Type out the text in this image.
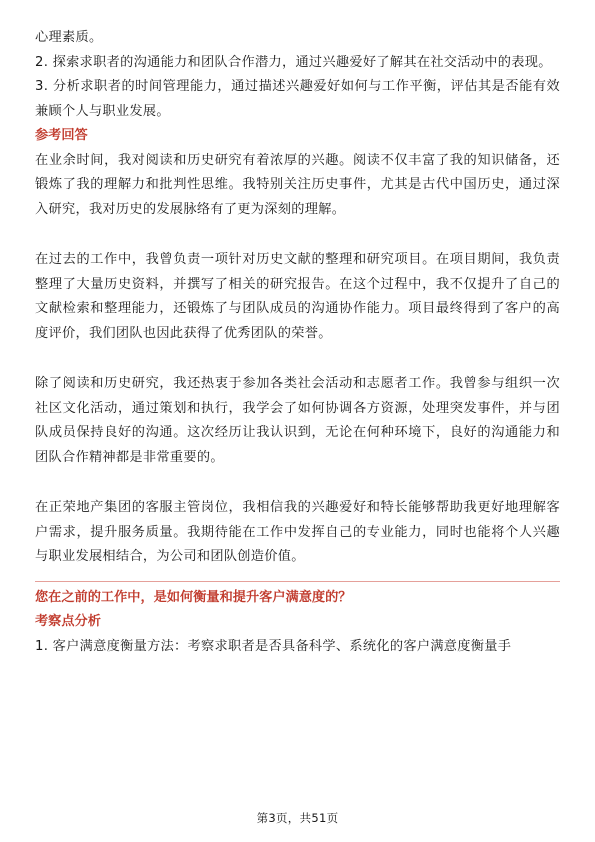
心理素质。

2. 探索求职者的沟通能力和团队合作潜力，通过兴趣爱好了解其在社交活动中的表现。

3. 分析求职者的时间管理能力，通过描述兴趣爱好如何与工作平衡，评估其是否能有效兼顾个人与职业发展。

参考回答

在业余时间，我对阅读和历史研究有着浓厚的兴趣。阅读不仅丰富了我的知识储备，还锻炼了我的理解力和批判性思维。我特别关注历史事件，尤其是古代中国历史，通过深入研究，我对历史的发展脉络有了更为深刻的理解。

在过去的工作中，我曾负责一项针对历史文献的整理和研究项目。在项目期间，我负责整理了大量历史资料，并撰写了相关的研究报告。在这个过程中，我不仅提升了自己的文献检索和整理能力，还锻炼了与团队成员的沟通协作能力。项目最终得到了客户的高度评价，我们团队也因此获得了优秀团队的荣誉。

除了阅读和历史研究，我还热衷于参加各类社会活动和志愿者工作。我曾参与组织一次社区文化活动，通过策划和执行，我学会了如何协调各方资源，处理突发事件，并与团队成员保持良好的沟通。这次经历让我认识到，无论在何种环境下，良好的沟通能力和团队合作精神都是非常重要的。

在正荣地产集团的客服主管岗位，我相信我的兴趣爱好和特长能够帮助我更好地理解客户需求，提升服务质量。我期待能在工作中发挥自己的专业能力，同时也能将个人兴趣与职业发展相结合，为公司和团队创造价值。

您在之前的工作中，是如何衡量和提升客户满意度的？

考察点分析

1. 客户满意度衡量方法：考察求职者是否具备科学、系统化的客户满意度衡量手

第3页，共51页
